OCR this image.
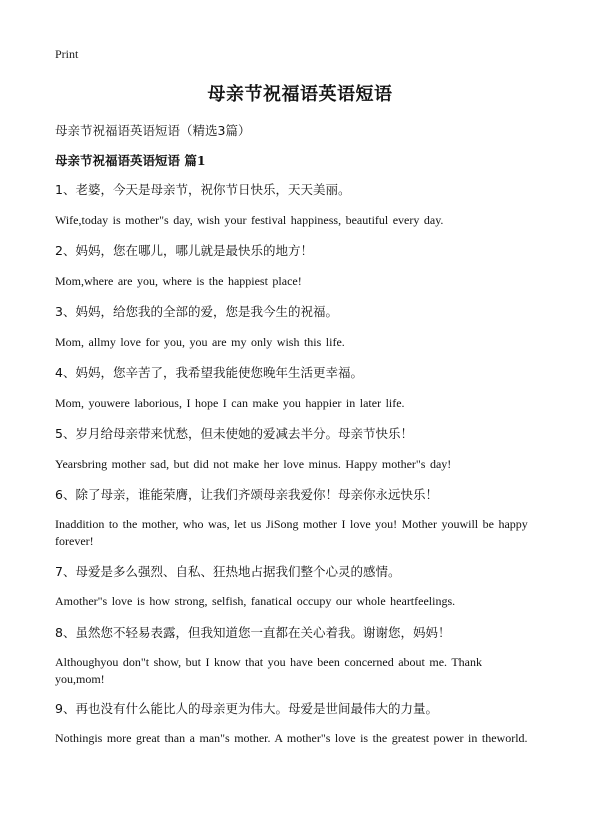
Print
母亲节祝福语英语短语
母亲节祝福语英语短语（精选3篇）
母亲节祝福语英语短语 篇1
1、老婆，今天是母亲节，祝你节日快乐，天天美丽。
Wife,today is mother"s day, wish your festival happiness, beautiful every day.
2、妈妈，您在哪儿，哪儿就是最快乐的地方！
Mom,where are you, where is the happiest place!
3、妈妈，给您我的全部的爱，您是我今生的祝福。
Mom, allmy love for you, you are my only wish this life.
4、妈妈，您辛苦了，我希望我能使您晚年生活更幸福。
Mom, youwere laborious, I hope I can make you happier in later life.
5、岁月给母亲带来忧愁，但未使她的爱减去半分。母亲节快乐！
Yearsbring mother sad, but did not make her love minus. Happy mother"s day!
6、除了母亲，谁能荣膺，让我们齐颂母亲我爱你！母亲你永远快乐！
Inaddition to the mother, who was, let us JiSong mother I love you! Mother youwill be happy forever!
7、母爱是多么强烈、自私、狂热地占据我们整个心灵的感情。
Amother"s love is how strong, selfish, fanatical occupy our whole heartfeelings.
8、虽然您不轻易表露，但我知道您一直都在关心着我。谢谢您，妈妈！
Althoughyou don"t show, but I know that you have been concerned about me. Thank you,mom!
9、再也没有什么能比人的母亲更为伟大。母爱是世间最伟大的力量。
Nothingis more great than a man"s mother. A mother"s love is the greatest power in theworld.
